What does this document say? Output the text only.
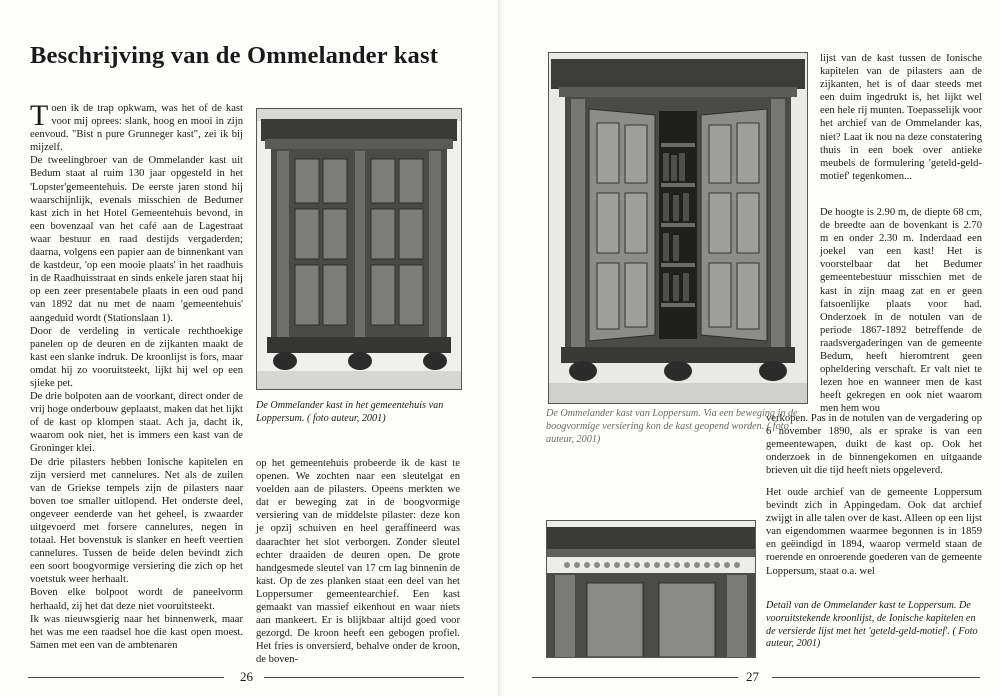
Beschrijving van de Ommelander kast

Toen ik de trap opkwam, was het of de kast voor mij oprees: slank, hoog en mooi in zijn eenvoud. "Bist n pure Grunneger kast", zei ik bij mijzelf.

De tweelingbroer van de Ommelander kast uit Bedum staat al ruim 130 jaar opgesteld in het 'Lopster'gemeentehuis. De eerste jaren stond hij waarschijnlijk, evenals misschien de Bedumer kast zich in het Hotel Gemeentehuis bevond, in een bovenzaal van het café aan de Lagestraat waar bestuur en raad destijds vergaderden; daarna, volgens een papier aan de binnenkant van de kastdeur, 'op een mooie plaats' in het raadhuis in de Raadhuisstraat en sinds enkele jaren staat hij op een zeer presentabele plaats in een oud pand van 1892 dat nu met de naam 'gemeentehuis' aangeduid wordt (Stationslaan 1).

Door de verdeling in verticale rechthoekige panelen op de deuren en de zijkanten maakt de kast een slanke indruk. De kroonlijst is fors, maar omdat hij zo vooruitsteekt, lijkt hij wel op een sjieke pet.

De drie bolpoten aan de voorkant, direct onder de vrij hoge onderbouw geplaatst, maken dat het lijkt of de kast op klompen staat. Ach ja, dacht ik, waarom ook niet, het is immers een kast van de Groninger klei.

De drie pilasters hebben Ionische kapitelen en zijn versierd met cannelures. Net als de zuilen van de Griekse tempels zijn de pilasters naar boven toe smaller uitlopend. Het onderste deel, ongeveer eenderde van het geheel, is zwaarder uitgevoerd met forsere cannelures, negen in totaal. Het bovenstuk is slanker en heeft veertien cannelures. Tussen de beide delen bevindt zich een soort boogvormige versiering die zich op het voetstuk weer herhaalt.

Boven elke bolpoot wordt de paneelvorm herhaald, zij het dat deze niet vooruitsteekt.

Ik was nieuwsgierig naar het binnenwerk, maar het was me een raadsel hoe die kast open moest. Samen met een van de ambtenaren

De Ommelander kast in het gemeentehuis van Loppersum. ( foto auteur, 2001)
op het gemeentehuis probeerde ik de kast te openen. We zochten naar een sleutelgat en voelden aan de pilasters. Opeens merkten we dat er beweging zat in de boogvormige versiering van de middelste pilaster: deze kon je opzij schuiven en heel geraffineerd was daarachter het slot verborgen. Zonder sleutel echter draaiden de deuren open. De grote handgesmede sleutel van 17 cm lag binnenin de kast. Op de zes planken staat een deel van het Loppersumer gemeentearchief. Een kast gemaakt van massief eikenhout en waar niets aan mankeert. Er is blijkbaar altijd goed voor gezorgd. De kroon heeft een gebogen profiel. Het fries is onversierd, behalve onder de kroon, de boven-
26
De Ommelander kast van Loppersum. Via een beweging in de boogvormige versiering kon de kast geopend worden. ( foto auteur, 2001)
lijst van de kast tussen de Ionische kapitelen van de pilasters aan de zijkanten, het is of daar steeds met een duim ingedrukt is, het lijkt wel een hele rij munten. Toepasselijk voor het archief van de Ommelander kas, niet? Laat ik nou na deze constatering thuis in een boek over antieke meubels de formulering 'geteld-geld-motief' tegenkomen...
De hoogte is 2.90 m, de diepte 68 cm, de breedte aan de bovenkant is 2.70 m en onder 2.30 m. Inderdaad een joekel van een kast! Het is voorstelbaar dat het Bedumer gemeentebestuur misschien met de kast in zijn maag zat en er geen fatsoenlijke plaats voor had. Onderzoek in de notulen van de periode 1867-1892 betreffende de raadsvergaderingen van de gemeente Bedum, heeft hieromtrent geen opheldering verschaft. Er valt niet te lezen hoe en wanneer men de kast heeft gekregen en ook niet waarom men hem wou
verkopen. Pas in de notulen van de vergadering op 6 november 1890, als er sprake is van een gemeentewapen, duikt de kast op. Ook het onderzoek in de binnengekomen en uitgaande brieven uit die tijd heeft niets opgeleverd.
Het oude archief van de gemeente Loppersum bevindt zich in Appingedam. Ook dat archief zwijgt in alle talen over de kast. Alleen op een lijst van eigendommen waarmee begonnen is in 1859 en geëindigd in 1894, waarop vermeld staan de roerende en onroerende goederen van de gemeente Loppersum, staat o.a. wel
Detail van de Ommelander kast te Loppersum. De vooruitstekende kroonlijst, de Ionische kapitelen en de versierde lijst met het 'geteld-geld-motief'. ( Foto auteur, 2001)
27
